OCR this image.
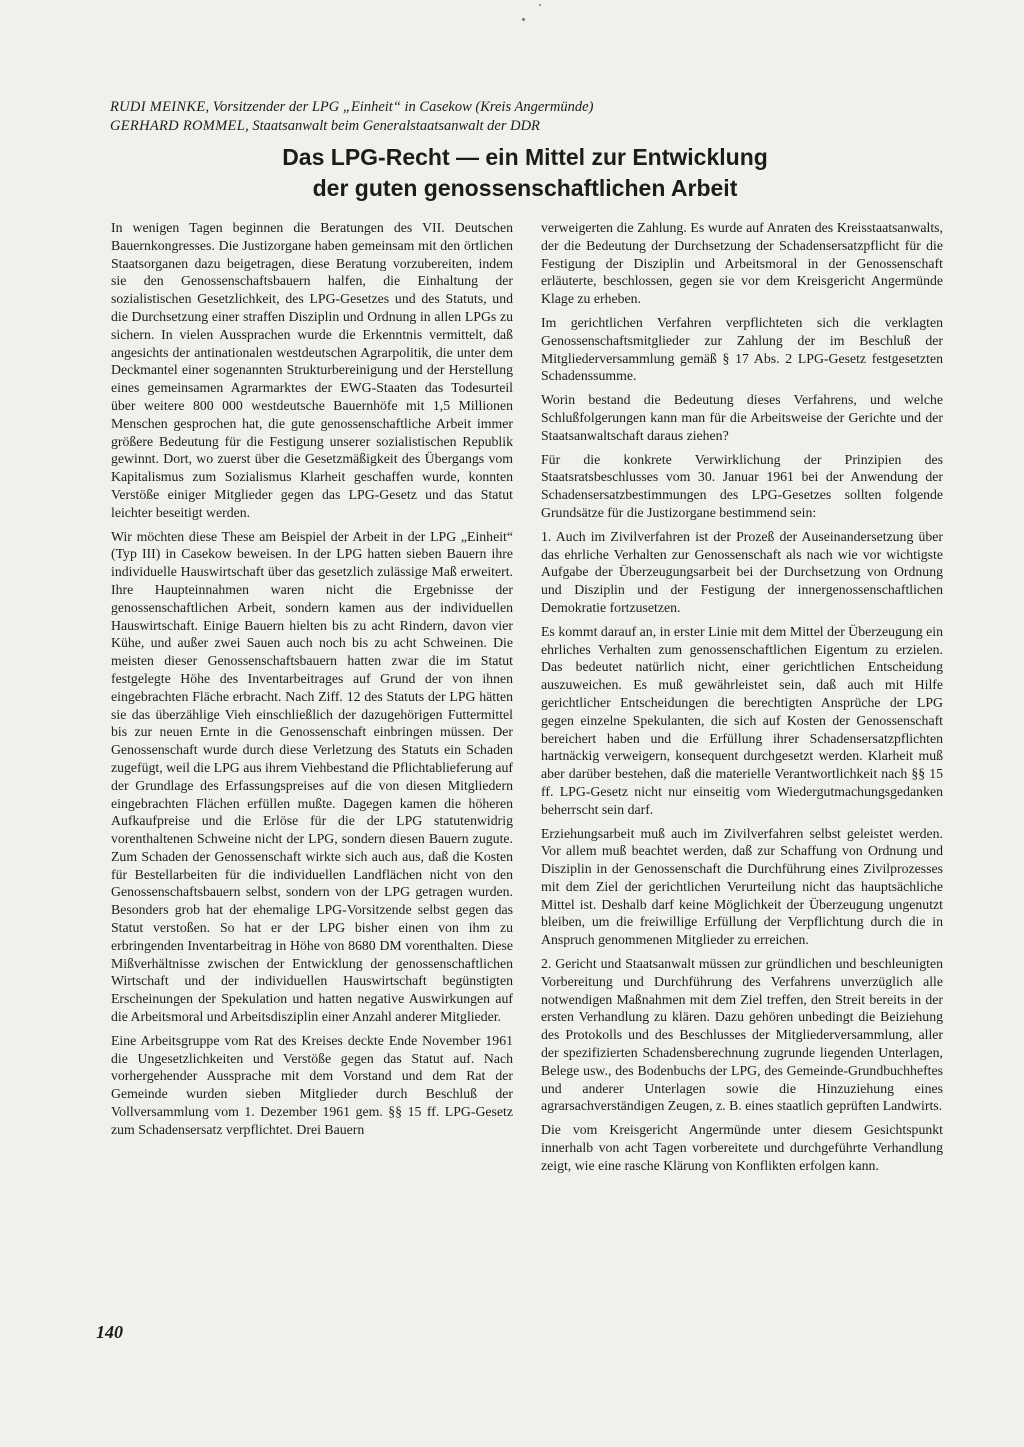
RUDI MEINKE, Vorsitzender der LPG „Einheit“ in Casekow (Kreis Angermünde)
GERHARD ROMMEL, Staatsanwalt beim Generalstaatsanwalt der DDR
Das LPG-Recht — ein Mittel zur Entwicklung
der guten genossenschaftlichen Arbeit

In wenigen Tagen beginnen die Beratungen des VII. Deutschen Bauernkongresses. Die Justizorgane haben gemeinsam mit den örtlichen Staatsorganen dazu beigetragen, diese Beratung vorzubereiten, indem sie den Genossenschaftsbauern halfen, die Einhaltung der sozialistischen Gesetzlichkeit, des LPG-Gesetzes und des Statuts, und die Durchsetzung einer straffen Disziplin und Ordnung in allen LPGs zu sichern. In vielen Aussprachen wurde die Erkenntnis vermittelt, daß angesichts der antinationalen westdeutschen Agrarpolitik, die unter dem Deckmantel einer sogenannten Strukturbereinigung und der Herstellung eines gemeinsamen Agrarmarktes der EWG-Staaten das Todesurteil über weitere 800 000 westdeutsche Bauernhöfe mit 1,5 Millionen Menschen gesprochen hat, die gute genossenschaftliche Arbeit immer größere Bedeutung für die Festigung unserer sozialistischen Republik gewinnt. Dort, wo zuerst über die Gesetzmäßigkeit des Übergangs vom Kapitalismus zum Sozialismus Klarheit geschaffen wurde, konnten Verstöße einiger Mitglieder gegen das LPG-Gesetz und das Statut leichter beseitigt werden.

Wir möchten diese These am Beispiel der Arbeit in der LPG „Einheit“ (Typ III) in Casekow beweisen. In der LPG hatten sieben Bauern ihre individuelle Hauswirtschaft über das gesetzlich zulässige Maß erweitert. Ihre Haupteinnahmen waren nicht die Ergebnisse der genossenschaftlichen Arbeit, sondern kamen aus der individuellen Hauswirtschaft. Einige Bauern hielten bis zu acht Rindern, davon vier Kühe, und außer zwei Sauen auch noch bis zu acht Schweinen. Die meisten dieser Genossenschaftsbauern hatten zwar die im Statut festgelegte Höhe des Inventarbeitrages auf Grund der von ihnen eingebrachten Fläche erbracht. Nach Ziff. 12 des Statuts der LPG hätten sie das überzählige Vieh einschließlich der dazugehörigen Futtermittel bis zur neuen Ernte in die Genossenschaft einbringen müssen. Der Genossenschaft wurde durch diese Verletzung des Statuts ein Schaden zugefügt, weil die LPG aus ihrem Viehbestand die Pflichtablieferung auf der Grundlage des Erfassungspreises auf die von diesen Mitgliedern eingebrachten Flächen erfüllen mußte. Dagegen kamen die höheren Aufkaufpreise und die Erlöse für die der LPG statutenwidrig vorenthaltenen Schweine nicht der LPG, sondern diesen Bauern zugute. Zum Schaden der Genossenschaft wirkte sich auch aus, daß die Kosten für Bestellarbeiten für die individuellen Landflächen nicht von den Genossenschaftsbauern selbst, sondern von der LPG getragen wurden. Besonders grob hat der ehemalige LPG-Vorsitzende selbst gegen das Statut verstoßen. So hat er der LPG bisher einen von ihm zu erbringenden Inventarbeitrag in Höhe von 8680 DM vorenthalten. Diese Mißverhältnisse zwischen der Entwicklung der genossenschaftlichen Wirtschaft und der individuellen Hauswirtschaft begünstigten Erscheinungen der Spekulation und hatten negative Auswirkungen auf die Arbeitsmoral und Arbeitsdisziplin einer Anzahl anderer Mitglieder.

Eine Arbeitsgruppe vom Rat des Kreises deckte Ende November 1961 die Ungesetzlichkeiten und Verstöße gegen das Statut auf. Nach vorhergehender Aussprache mit dem Vorstand und dem Rat der Gemeinde wurden sieben Mitglieder durch Beschluß der Vollversammlung vom 1. Dezember 1961 gem. §§ 15 ff. LPG-Gesetz zum Schadensersatz verpflichtet. Drei Bauern

verweigerten die Zahlung. Es wurde auf Anraten des Kreisstaatsanwalts, der die Bedeutung der Durchsetzung der Schadensersatzpflicht für die Festigung der Disziplin und Arbeitsmoral in der Genossenschaft erläuterte, beschlossen, gegen sie vor dem Kreisgericht Angermünde Klage zu erheben.

Im gerichtlichen Verfahren verpflichteten sich die verklagten Genossenschaftsmitglieder zur Zahlung der im Beschluß der Mitgliederversammlung gemäß § 17 Abs. 2 LPG-Gesetz festgesetzten Schadenssumme.

Worin bestand die Bedeutung dieses Verfahrens, und welche Schlußfolgerungen kann man für die Arbeitsweise der Gerichte und der Staatsanwaltschaft daraus ziehen?

Für die konkrete Verwirklichung der Prinzipien des Staatsratsbeschlusses vom 30. Januar 1961 bei der Anwendung der Schadensersatzbestimmungen des LPG-Gesetzes sollten folgende Grundsätze für die Justizorgane bestimmend sein:

1. Auch im Zivilverfahren ist der Prozeß der Auseinandersetzung über das ehrliche Verhalten zur Genossenschaft als nach wie vor wichtigste Aufgabe der Überzeugungsarbeit bei der Durchsetzung von Ordnung und Disziplin und der Festigung der innergenossenschaftlichen Demokratie fortzusetzen.

Es kommt darauf an, in erster Linie mit dem Mittel der Überzeugung ein ehrliches Verhalten zum genossenschaftlichen Eigentum zu erzielen. Das bedeutet natürlich nicht, einer gerichtlichen Entscheidung auszuweichen. Es muß gewährleistet sein, daß auch mit Hilfe gerichtlicher Entscheidungen die berechtigten Ansprüche der LPG gegen einzelne Spekulanten, die sich auf Kosten der Genossenschaft bereichert haben und die Erfüllung ihrer Schadensersatzpflichten hartnäckig verweigern, konsequent durchgesetzt werden. Klarheit muß aber darüber bestehen, daß die materielle Verantwortlichkeit nach §§ 15 ff. LPG-Gesetz nicht nur einseitig vom Wiedergutmachungsgedanken beherrscht sein darf.

Erziehungsarbeit muß auch im Zivilverfahren selbst geleistet werden. Vor allem muß beachtet werden, daß zur Schaffung von Ordnung und Disziplin in der Genossenschaft die Durchführung eines Zivilprozesses mit dem Ziel der gerichtlichen Verurteilung nicht das hauptsächliche Mittel ist. Deshalb darf keine Möglichkeit der Überzeugung ungenutzt bleiben, um die freiwillige Erfüllung der Verpflichtung durch die in Anspruch genommenen Mitglieder zu erreichen.

2. Gericht und Staatsanwalt müssen zur gründlichen und beschleunigten Vorbereitung und Durchführung des Verfahrens unverzüglich alle notwendigen Maßnahmen mit dem Ziel treffen, den Streit bereits in der ersten Verhandlung zu klären. Dazu gehören unbedingt die Beiziehung des Protokolls und des Beschlusses der Mitgliederversammlung, aller der spezifizierten Schadensberechnung zugrunde liegenden Unterlagen, Belege usw., des Bodenbuchs der LPG, des Gemeinde-Grundbuchheftes und anderer Unterlagen sowie die Hinzuziehung eines agrarsachverständigen Zeugen, z. B. eines staatlich geprüften Landwirts.

Die vom Kreisgericht Angermünde unter diesem Gesichtspunkt innerhalb von acht Tagen vorbereitete und durchgeführte Verhandlung zeigt, wie eine rasche Klärung von Konflikten erfolgen kann.

140
